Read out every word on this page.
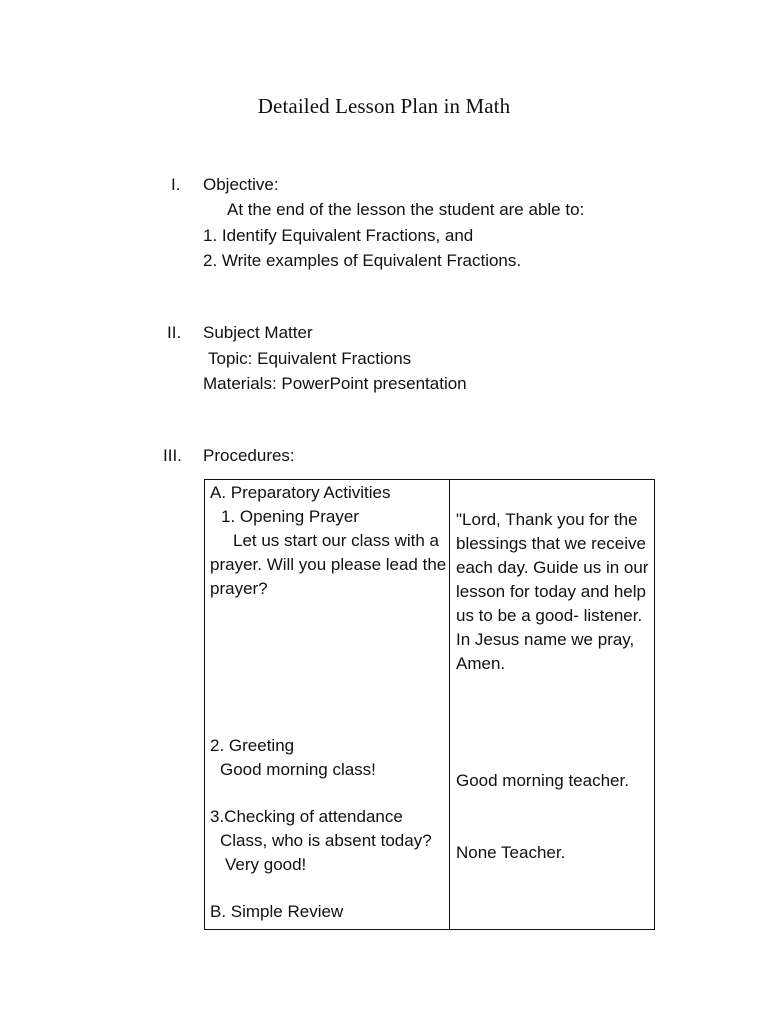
Detailed Lesson Plan in Math
I. Objective:
At the end of the lesson the student are able to:
1. Identify Equivalent Fractions, and
2. Write examples of Equivalent Fractions.
II. Subject Matter
Topic: Equivalent Fractions
Materials: PowerPoint presentation
III. Procedures:
A. Preparatory Activities
1. Opening Prayer
Let us start our class with a
prayer. Will you please lead the
prayer?
2. Greeting
Good morning class!
3.Checking of attendance
Class, who is absent today?
Very good!
B. Simple Review
"Lord, Thank you for the
blessings that we receive
each day. Guide us in our
lesson for today and help
us to be a good- listener.
In Jesus name we pray,
Amen.
Good morning teacher.
None Teacher.
